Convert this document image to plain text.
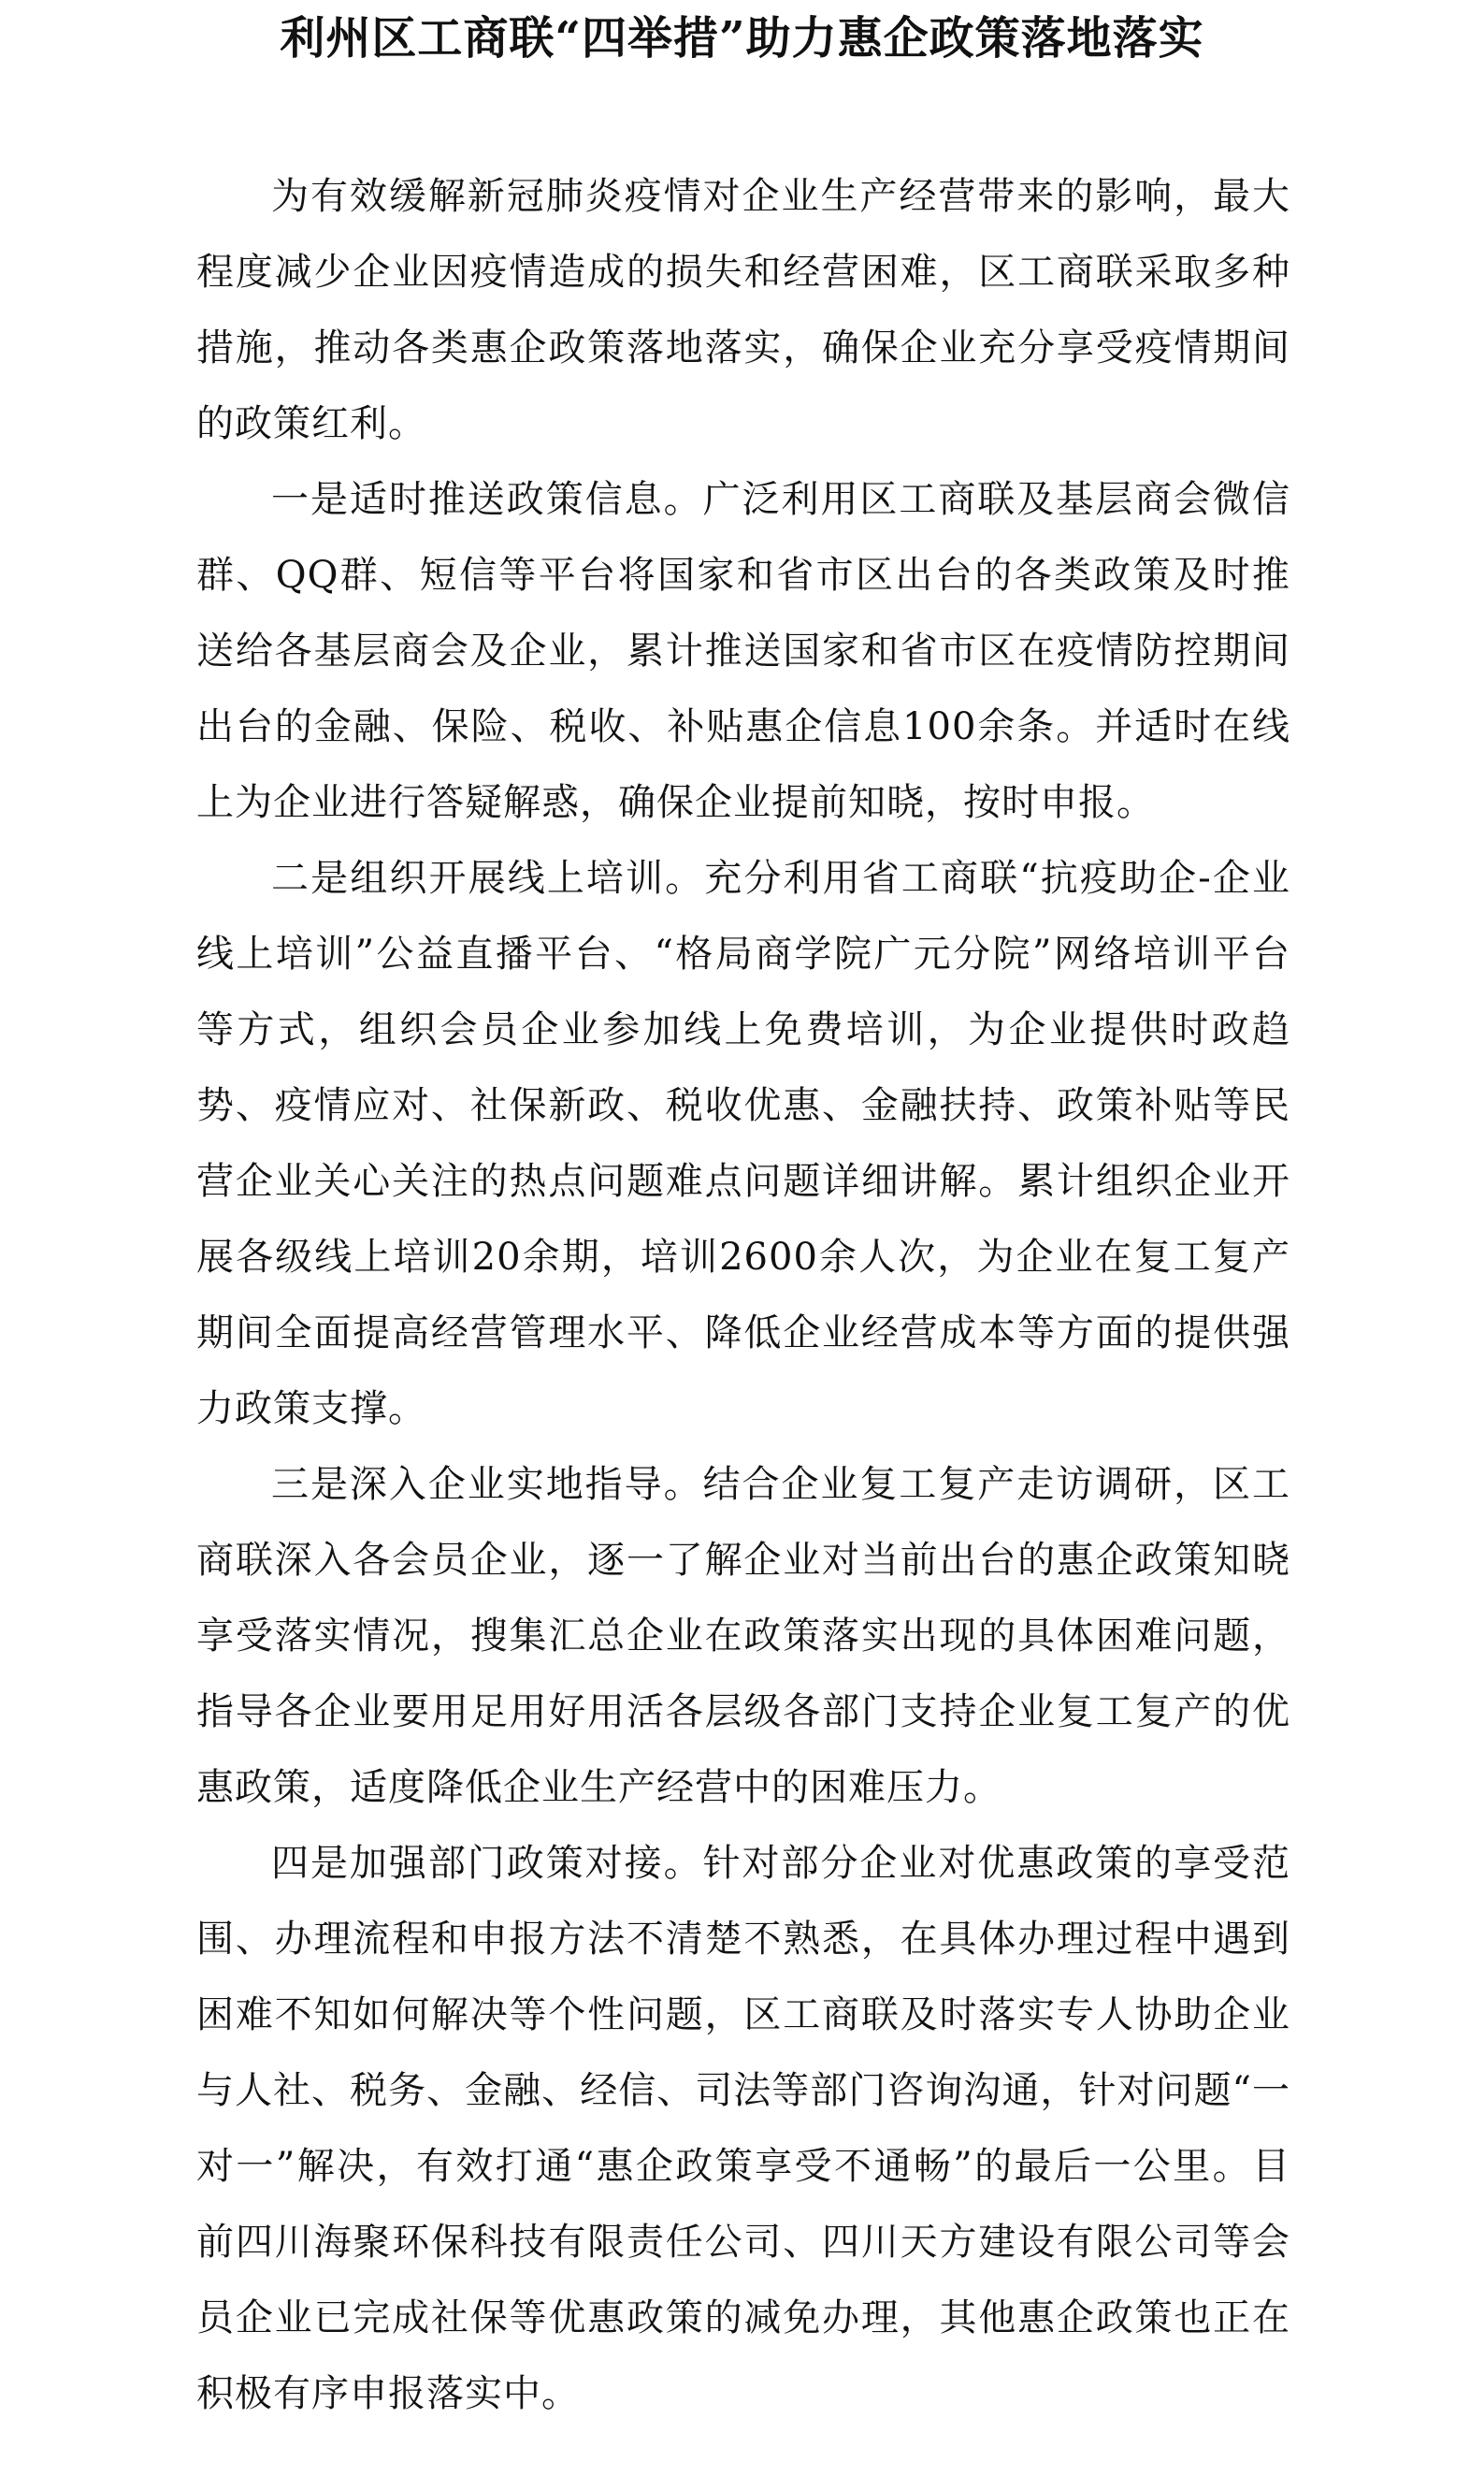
利州区工商联“四举措”助力惠企政策落地落实

为有效缓解新冠肺炎疫情对企业生产经营带来的影响，最大程度减少企业因疫情造成的损失和经营困难，区工商联采取多种措施，推动各类惠企政策落地落实，确保企业充分享受疫情期间的政策红利。

一是适时推送政策信息。广泛利用区工商联及基层商会微信群、QQ群、短信等平台将国家和省市区出台的各类政策及时推送给各基层商会及企业，累计推送国家和省市区在疫情防控期间出台的金融、保险、税收、补贴惠企信息100余条。并适时在线上为企业进行答疑解惑，确保企业提前知晓，按时申报。

二是组织开展线上培训。充分利用省工商联“抗疫助企-企业线上培训”公益直播平台、“格局商学院广元分院”网络培训平台等方式，组织会员企业参加线上免费培训，为企业提供时政趋势、疫情应对、社保新政、税收优惠、金融扶持、政策补贴等民营企业关心关注的热点问题难点问题详细讲解。累计组织企业开展各级线上培训20余期，培训2600余人次，为企业在复工复产期间全面提高经营管理水平、降低企业经营成本等方面的提供强力政策支撑。

三是深入企业实地指导。结合企业复工复产走访调研，区工商联深入各会员企业，逐一了解企业对当前出台的惠企政策知晓享受落实情况，搜集汇总企业在政策落实出现的具体困难问题，指导各企业要用足用好用活各层级各部门支持企业复工复产的优惠政策，适度降低企业生产经营中的困难压力。

四是加强部门政策对接。针对部分企业对优惠政策的享受范围、办理流程和申报方法不清楚不熟悉，在具体办理过程中遇到困难不知如何解决等个性问题，区工商联及时落实专人协助企业与人社、税务、金融、经信、司法等部门咨询沟通，针对问题“一对一”解决，有效打通“惠企政策享受不通畅”的最后一公里。目前四川海聚环保科技有限责任公司、四川天方建设有限公司等会员企业已完成社保等优惠政策的减免办理，其他惠企政策也正在积极有序申报落实中。
